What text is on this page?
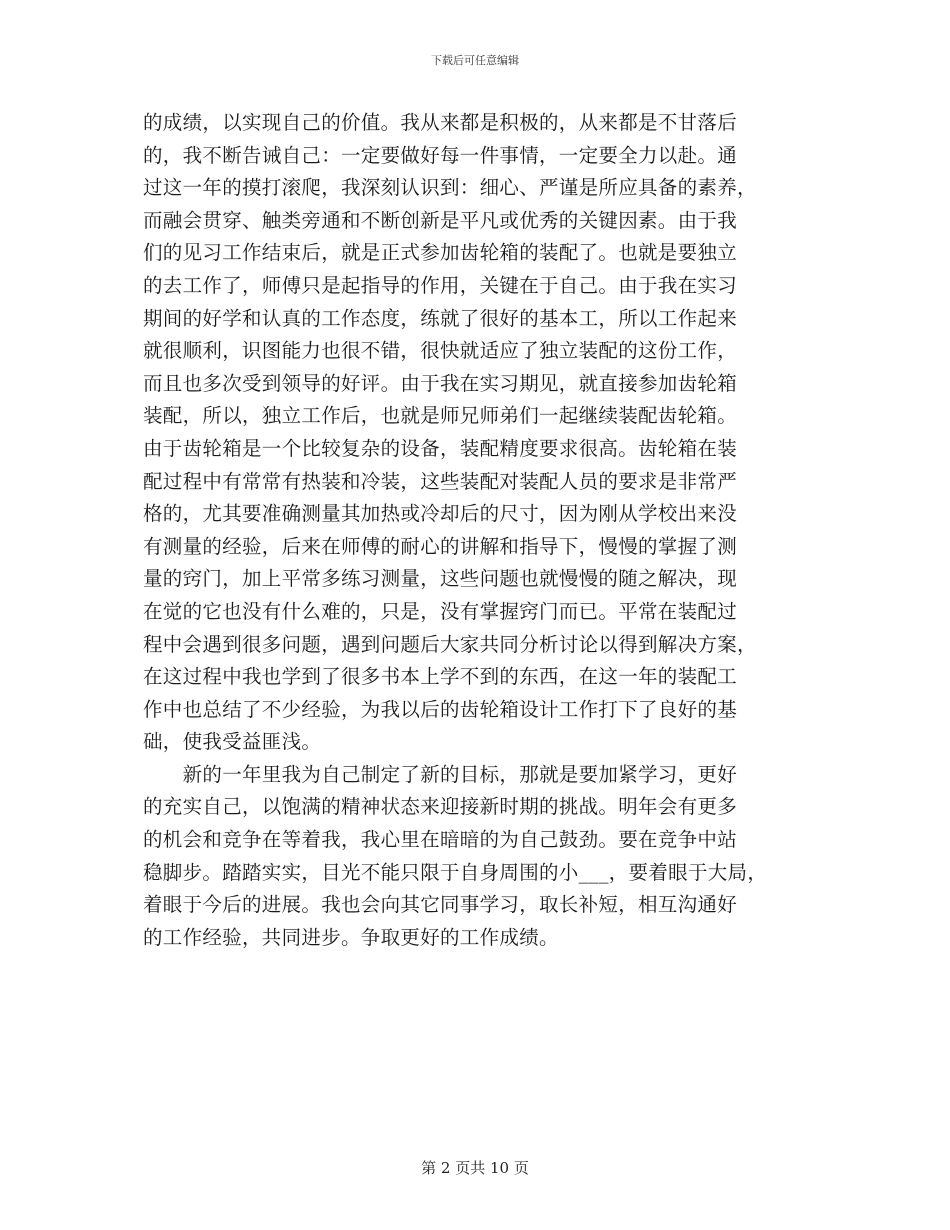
下载后可任意编辑
的成绩，以实现自己的价值。我从来都是积极的，从来都是不甘落后
的，我不断告诫自己：一定要做好每一件事情，一定要全力以赴。通
过这一年的摸打滚爬，我深刻认识到：细心、严谨是所应具备的素养，
而融会贯穿、触类旁通和不断创新是平凡或优秀的关键因素。由于我
们的见习工作结束后，就是正式参加齿轮箱的装配了。也就是要独立
的去工作了，师傅只是起指导的作用，关键在于自己。由于我在实习
期间的好学和认真的工作态度，练就了很好的基本工，所以工作起来
就很顺利，识图能力也很不错，很快就适应了独立装配的这份工作，
而且也多次受到领导的好评。由于我在实习期见，就直接参加齿轮箱
装配，所以，独立工作后，也就是师兄师弟们一起继续装配齿轮箱。
由于齿轮箱是一个比较复杂的设备，装配精度要求很高。齿轮箱在装
配过程中有常常有热装和冷装，这些装配对装配人员的要求是非常严
格的，尤其要准确测量其加热或冷却后的尺寸，因为刚从学校出来没
有测量的经验，后来在师傅的耐心的讲解和指导下，慢慢的掌握了测
量的窍门，加上平常多练习测量，这些问题也就慢慢的随之解决，现
在觉的它也没有什么难的，只是，没有掌握窍门而已。平常在装配过
程中会遇到很多问题，遇到问题后大家共同分析讨论以得到解决方案，
在这过程中我也学到了很多书本上学不到的东西，在这一年的装配工
作中也总结了不少经验，为我以后的齿轮箱设计工作打下了良好的基
础，使我受益匪浅。
　　新的一年里我为自己制定了新的目标，那就是要加紧学习，更好
的充实自己，以饱满的精神状态来迎接新时期的挑战。明年会有更多
的机会和竞争在等着我，我心里在暗暗的为自己鼓劲。要在竞争中站
稳脚步。踏踏实实，目光不能只限于自身周围的小___，要着眼于大局，
着眼于今后的进展。我也会向其它同事学习，取长补短，相互沟通好
的工作经验，共同进步。争取更好的工作成绩。
第 2 页共 10 页
